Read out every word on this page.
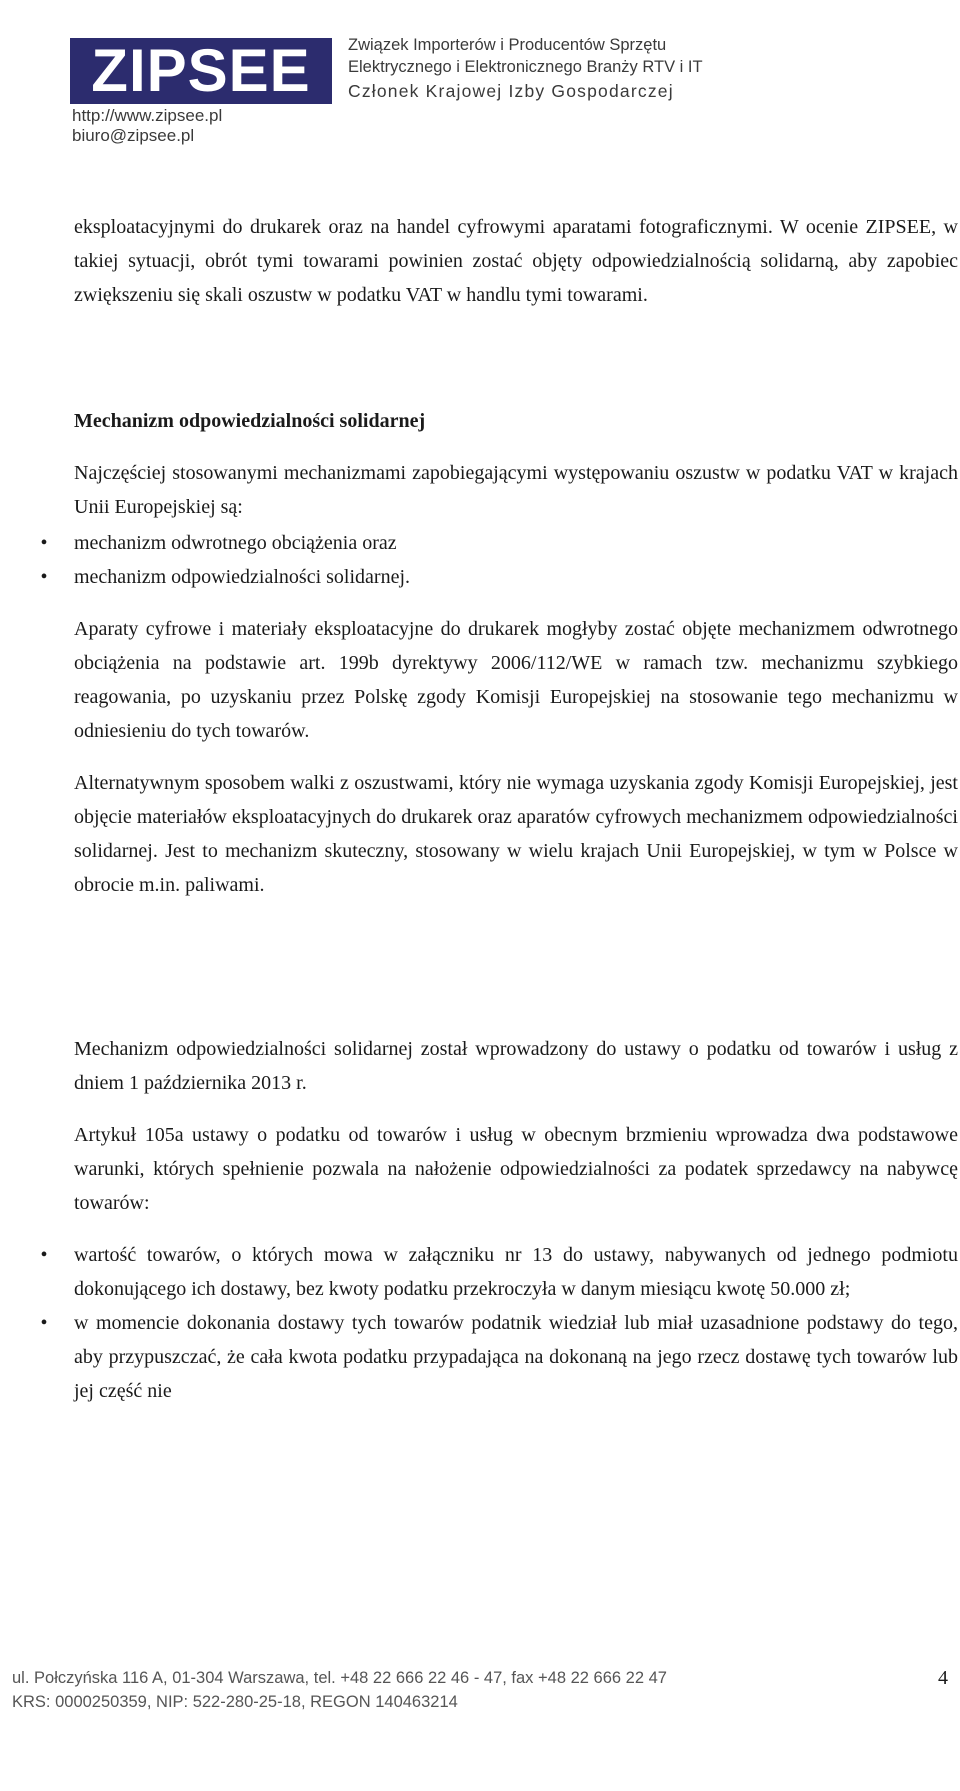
ZIPSEE
http://www.zipsee.pl
biuro@zipsee.pl
Związek Importerów i Producentów Sprzętu
Elektrycznego i Elektronicznego Branży RTV i IT
Członek Krajowej Izby Gospodarczej

eksploatacyjnymi do drukarek oraz na handel cyfrowymi aparatami fotograficznymi. W ocenie ZIPSEE, w takiej sytuacji, obrót tymi towarami powinien zostać objęty odpowiedzialnością solidarną, aby zapobiec zwiększeniu się skali oszustw w podatku VAT w handlu tymi towarami.

Mechanizm odpowiedzialności solidarnej

Najczęściej stosowanymi mechanizmami zapobiegającymi występowaniu oszustw w podatku VAT w krajach Unii Europejskiej są:

•	mechanizm odwrotnego obciążenia oraz
•	mechanizm odpowiedzialności solidarnej.

Aparaty cyfrowe i materiały eksploatacyjne do drukarek mogłyby zostać objęte mechanizmem odwrotnego obciążenia na podstawie art. 199b dyrektywy 2006/112/WE w ramach tzw. mechanizmu szybkiego reagowania, po uzyskaniu przez Polskę zgody Komisji Europejskiej na stosowanie tego mechanizmu w odniesieniu do tych towarów.

Alternatywnym sposobem walki z oszustwami, który nie wymaga uzyskania zgody Komisji Europejskiej, jest objęcie materiałów eksploatacyjnych do drukarek oraz aparatów cyfrowych mechanizmem odpowiedzialności solidarnej. Jest to mechanizm skuteczny, stosowany w wielu krajach Unii Europejskiej, w tym w Polsce w obrocie m.in. paliwami.

Mechanizm odpowiedzialności solidarnej został wprowadzony do ustawy o podatku od towarów i usług z dniem 1 października 2013 r.

Artykuł 105a ustawy o podatku od towarów i usług w obecnym brzmieniu wprowadza dwa podstawowe warunki, których spełnienie pozwala na nałożenie odpowiedzialności za podatek sprzedawcy na nabywcę towarów:

•	wartość towarów, o których mowa w załączniku nr 13 do ustawy, nabywanych od jednego podmiotu dokonującego ich dostawy, bez kwoty podatku przekroczyła w danym miesiącu kwotę 50.000 zł;
•	w momencie dokonania dostawy tych towarów podatnik wiedział lub miał uzasadnione podstawy do tego, aby przypuszczać, że cała kwota podatku przypadająca na dokonaną na jego rzecz dostawę tych towarów lub jej część nie
ul. Połczyńska 116 A, 01-304 Warszawa, tel. +48 22 666 22 46 - 47, fax +48 22 666 22 47
KRS: 0000250359, NIP: 522-280-25-18, REGON 140463214
4
